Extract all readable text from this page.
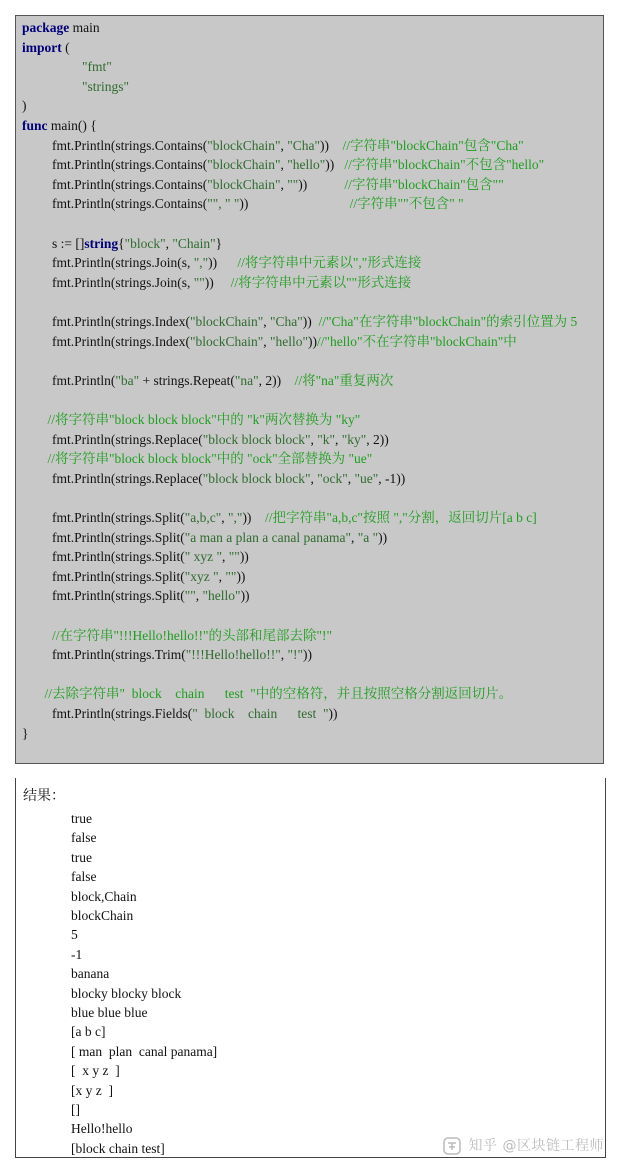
package main
import (
"fmt"
"strings"
)
func main() {
fmt.Println(strings.Contains("blockChain", "Cha"))    //字符串"blockChain"包含"Cha"
fmt.Println(strings.Contains("blockChain", "hello"))   //字符串"blockChain"不包含"hello"
fmt.Println(strings.Contains("blockChain", ""))           //字符串"blockChain"包含""
fmt.Println(strings.Contains("", " "))                              //字符串""不包含" "
s := []string{"block", "Chain"}
fmt.Println(strings.Join(s, ","))      //将字符串中元素以","形式连接
fmt.Println(strings.Join(s, ""))     //将字符串中元素以""形式连接
fmt.Println(strings.Index("blockChain", "Cha"))  //"Cha"在字符串"blockChain"的索引位置为 5
fmt.Println(strings.Index("blockChain", "hello"))//"hello"不在字符串"blockChain"中
fmt.Println("ba" + strings.Repeat("na", 2))    //将"na"重复两次
//将字符串"block block block"中的 "k"两次替换为 "ky"
fmt.Println(strings.Replace("block block block", "k", "ky", 2))
//将字符串"block block block"中的 "ock"全部替换为 "ue"
fmt.Println(strings.Replace("block block block", "ock", "ue", -1))
fmt.Println(strings.Split("a,b,c", ","))    //把字符串"a,b,c"按照 ","分割，返回切片[a b c]
fmt.Println(strings.Split("a man a plan a canal panama", "a "))
fmt.Println(strings.Split(" xyz ", ""))
fmt.Println(strings.Split("xyz ", ""))
fmt.Println(strings.Split("", "hello"))
//在字符串"!!!Hello!hello!!"的头部和尾部去除"!"
fmt.Println(strings.Trim("!!!Hello!hello!!", "!"))
//去除字符串"  block    chain      test  "中的空格符，并且按照空格分割返回切片。
fmt.Println(strings.Fields("  block    chain      test  "))
}
结果：
true
false
true
false
block,Chain
blockChain
5
-1
banana
blocky blocky block
blue blue blue
[a b c]
[ man  plan  canal panama]
[  x y z  ]
[x y z  ]
[]
Hello!hello
[block chain test]	知乎 @区块链工程师
